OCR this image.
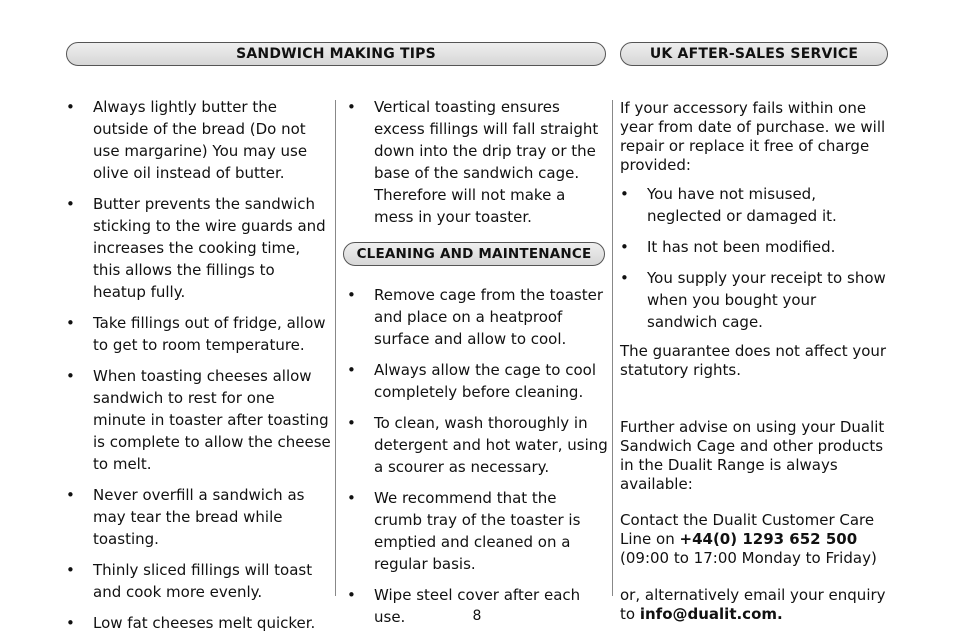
SANDWICH MAKING TIPS	UK AFTER-SALES SERVICE
• Always lightly butter the outside of the bread (Do not use margarine) You may use olive oil instead of butter.
• Butter prevents the sandwich sticking to the wire guards and increases the cooking time, this allows the fillings to heatup fully.
• Take fillings out of fridge, allow to get to room temperature.
• When toasting cheeses allow sandwich to rest for one minute in toaster after toasting is complete to allow the cheese to melt.
• Never overfill a sandwich as may tear the bread while toasting.
• Thinly sliced fillings will toast and cook more evenly.
• Low fat cheeses melt quicker.
• Vertical toasting ensures excess fillings will fall straight down into the drip tray or the base of the sandwich cage. Therefore will not make a mess in your toaster.
CLEANING AND MAINTENANCE
• Remove cage from the toaster and place on a heatproof surface and allow to cool.
• Always allow the cage to cool completely before cleaning.
• To clean, wash thoroughly in detergent and hot water, using a scourer as necessary.
• We recommend that the crumb tray of the toaster is emptied and cleaned on a regular basis.
• Wipe steel cover after each use.

If your accessory fails within one year from date of purchase. we will repair or replace it free of charge provided:

• You have not misused, neglected or damaged it.
• It has not been modified.
• You supply your receipt to show when you bought your sandwich cage.

The guarantee does not affect your statutory rights.

Further advise on using your Dualit Sandwich Cage and other products in the Dualit Range is always available:

Contact the Dualit Customer Care Line on +44(0) 1293 652 500
(09:00 to 17:00 Monday to Friday)

or, alternatively email your enquiry to info@dualit.com.

8
